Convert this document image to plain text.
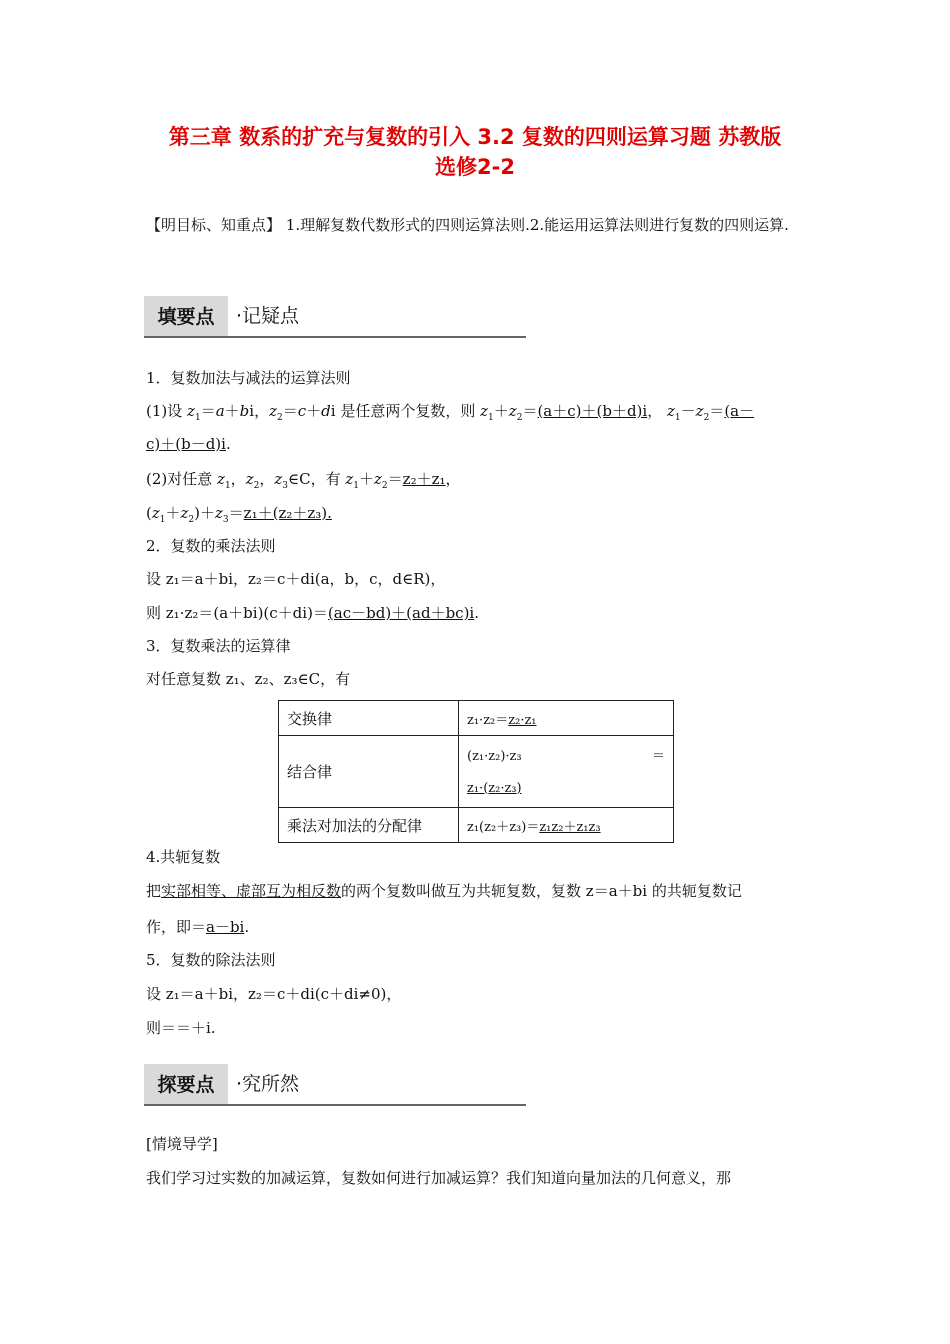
第三章 数系的扩充与复数的引入 3.2 复数的四则运算习题 苏教版
选修2-2
【明目标、知重点】 1.理解复数代数形式的四则运算法则.2.能运用运算法则进行复数的四则运算.
填要点	·记疑点
1．复数加法与减法的运算法则
(1)设 $z_1=a+bi$，$z_2=c+di$ 是任意两个复数，则 $z_1+z_2=(a+c)+(b+d)i$， $z_1-z_2=(a-$
c)＋(b－d)i.
(2)对任意 $z_1$，$z_2$，$z_3\in C$，有 $z_1+z_2=z_2+z_1$，
$(z_1+z_2)+z_3=z_1+(z_2+z_3)$.
2．复数的乘法法则
设 z₁＝a＋bi，z₂＝c＋di(a，b，c，d∈R)，
则 z₁·z₂＝(a＋bi)(c＋di)＝(ac－bd)＋(ad＋bc)i.
3．复数乘法的运算律
对任意复数 z₁、z₂、z₃∈C，有
交换律	z₁·z₂＝z₂·z₁
结合律	(z₁·z₂)·z₃ ＝
z₁·(z₂·z₃)

乘法对加法的分配律	z₁(z₂＋z₃)＝z₁z₂＋z₁z₃
4.共轭复数
把实部相等、虚部互为相反数的两个复数叫做互为共轭复数，复数 z＝a＋bi 的共轭复数记
作，即＝a－bi.
5．复数的除法法则
设 z₁＝a＋bi，z₂＝c＋di(c＋di≠0)，
则＝＝＋i.
探要点	·究所然
[情境导学]
我们学习过实数的加减运算，复数如何进行加减运算？我们知道向量加法的几何意义，那
